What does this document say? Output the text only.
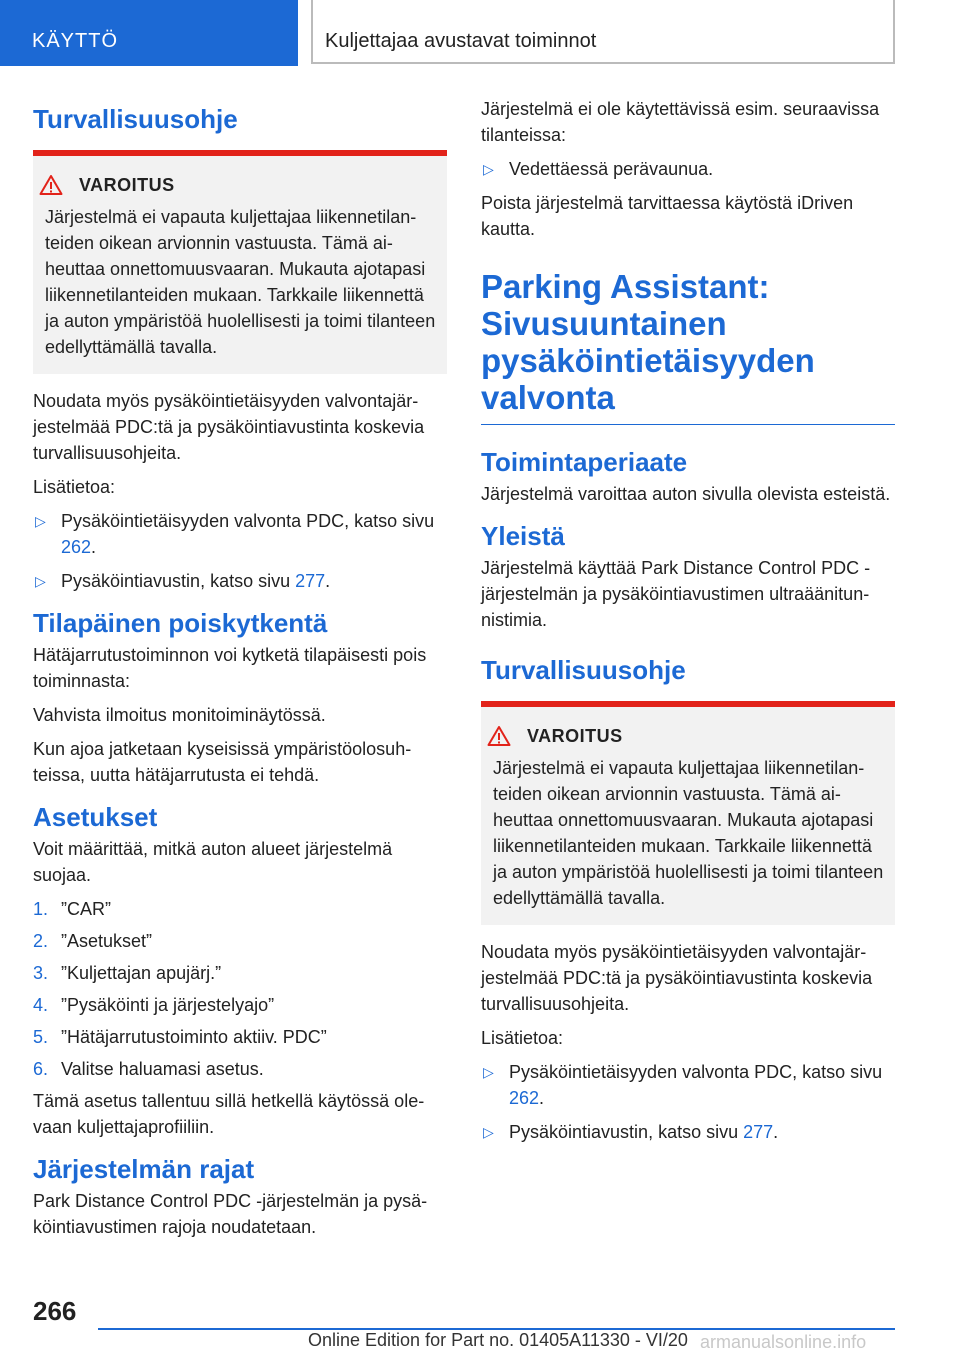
KÄYTTÖ	Kuljettajaa avustavat toiminnot
Turvallisuusohje
VAROITUS
Järjestelmä ei vapauta kuljettajaa liikennetilanteiden oikean arvionnin vastuusta. Tämä aiheuttaa onnettomuusvaaran. Mukauta ajotapasi liikennetilanteiden mukaan. Tarkkaile liikennettä ja auton ympäristöä huolellisesti ja toimi tilanteen edellyttämällä tavalla.

Noudata myös pysäköintietäisyyden valvontajärjestelmää PDC:tä ja pysäköintiavustinta koskevia turvallisuusohjeita.

Lisätietoa:

▷ Pysäköintietäisyyden valvonta PDC, katso sivu 262.
▷ Pysäköintiavustin, katso sivu 277.
Tilapäinen poiskytkentä

Hätäjarrutustoiminnon voi kytketä tilapäisesti pois toiminnasta:

Vahvista ilmoitus monitoiminäytössä.

Kun ajoa jatketaan kyseisissä ympäristöolosuhteissa, uutta hätäjarrutusta ei tehdä.

Asetukset

Voit määrittää, mitkä auton alueet järjestelmä suojaa.

1. ”CAR”
2. ”Asetukset”
3. ”Kuljettajan apujärj.”
4. ”Pysäköinti ja järjestelyajo”
5. ”Hätäjarrutustoiminto aktiiv. PDC”
6. Valitse haluamasi asetus.

Tämä asetus tallentuu sillä hetkellä käytössä olevaan kuljettajaprofiiliin.

Järjestelmän rajat

Park Distance Control PDC -järjestelmän ja pysäköintiavustimen rajoja noudatetaan.

Järjestelmä ei ole käytettävissä esim. seuraavissa tilanteissa:

▷ Vedettäessä perävaunua.

Poista järjestelmä tarvittaessa käytöstä iDriven kautta.

Parking Assistant: Sivusuuntainen pysäköintietäisyyden valvonta
Toimintaperiaate

Järjestelmä varoittaa auton sivulla olevista esteistä.

Yleistä

Järjestelmä käyttää Park Distance Control PDC -järjestelmän ja pysäköintiavustimen ultraäänitunnistimia.

Turvallisuusohje
VAROITUS
Järjestelmä ei vapauta kuljettajaa liikennetilanteiden oikean arvionnin vastuusta. Tämä aiheuttaa onnettomuusvaaran. Mukauta ajotapasi liikennetilanteiden mukaan. Tarkkaile liikennettä ja auton ympäristöä huolellisesti ja toimi tilanteen edellyttämällä tavalla.

Noudata myös pysäköintietäisyyden valvontajärjestelmää PDC:tä ja pysäköintiavustinta koskevia turvallisuusohjeita.

Lisätietoa:

▷ Pysäköintietäisyyden valvonta PDC, katso sivu 262.
▷ Pysäköintiavustin, katso sivu 277.
266
Online Edition for Part no. 01405A11330 - VI/20 armanualsonline.info
